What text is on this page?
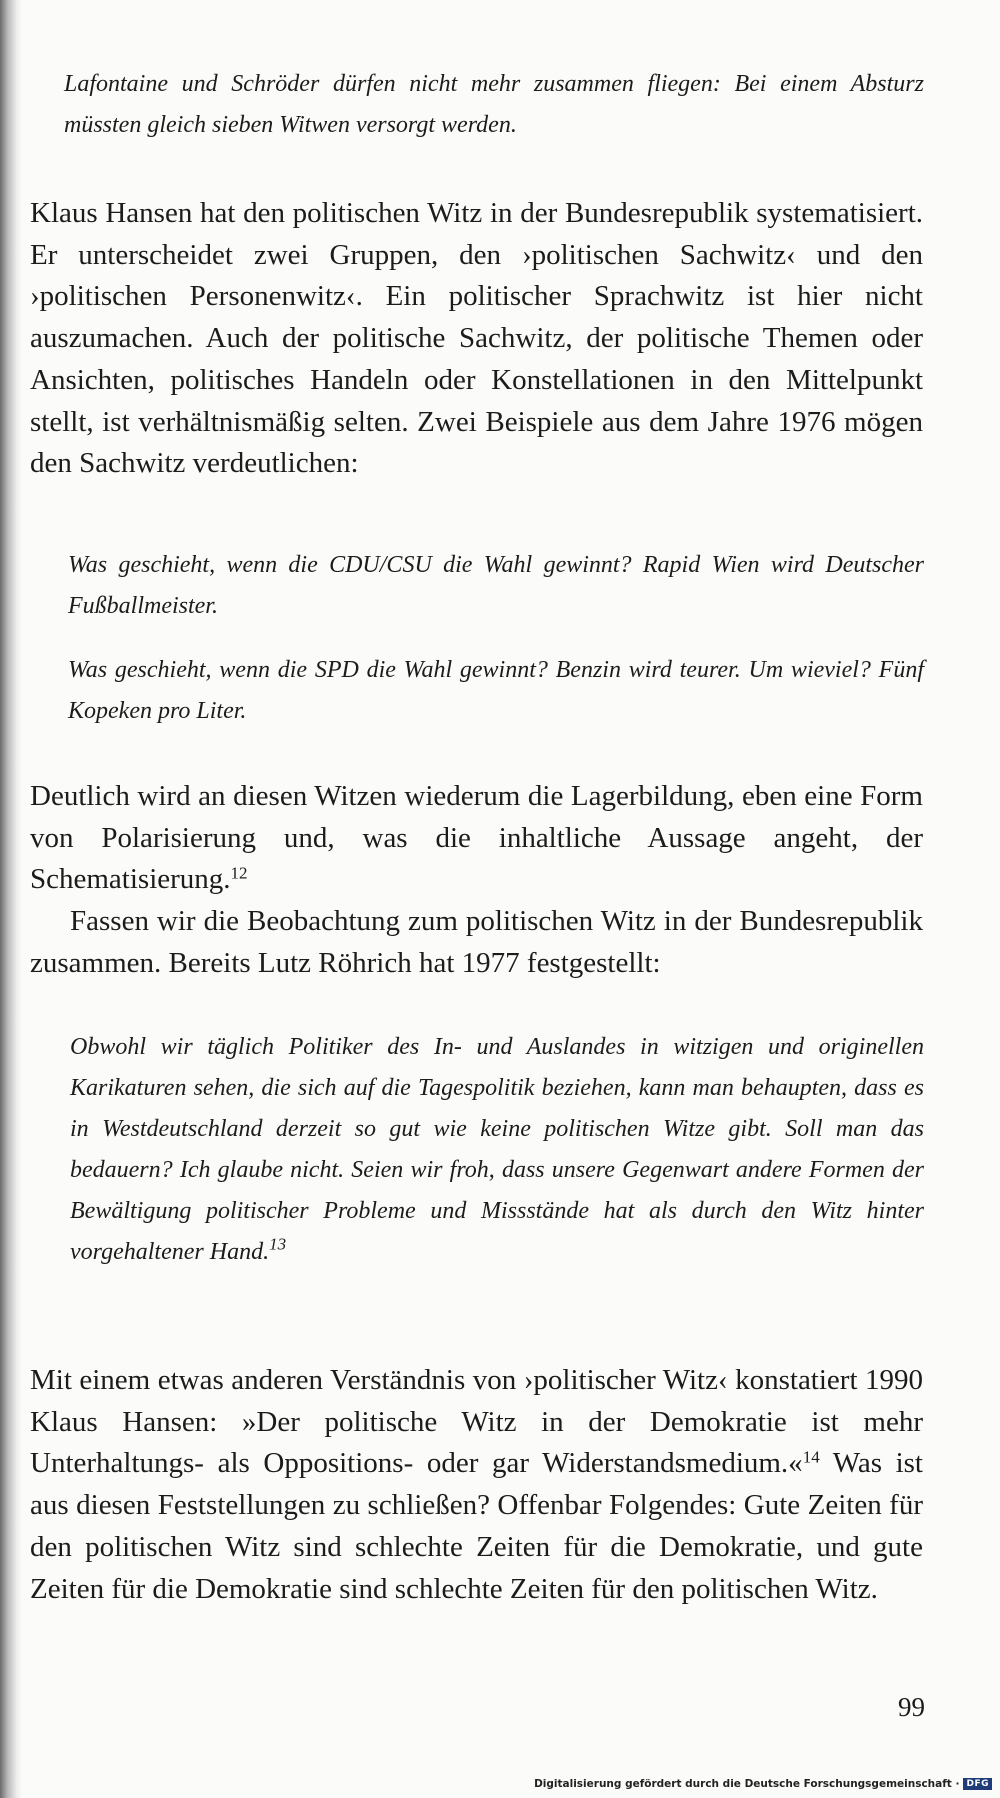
Lafontaine und Schröder dürfen nicht mehr zusammen fliegen: Bei einem Absturz müssten gleich sieben Witwen versorgt werden.

Klaus Hansen hat den politischen Witz in der Bundesrepublik systematisiert. Er unterscheidet zwei Gruppen, den ›politischen Sachwitz‹ und den ›politischen Personenwitz‹. Ein politischer Sprachwitz ist hier nicht auszumachen. Auch der politische Sachwitz, der politische Themen oder Ansichten, politisches Handeln oder Konstellationen in den Mittelpunkt stellt, ist verhältnismäßig selten. Zwei Beispiele aus dem Jahre 1976 mögen den Sachwitz verdeutlichen:

Was geschieht, wenn die CDU/CSU die Wahl gewinnt? Rapid Wien wird Deutscher Fußballmeister.

Was geschieht, wenn die SPD die Wahl gewinnt? Benzin wird teurer. Um wieviel? Fünf Kopeken pro Liter.

Deutlich wird an diesen Witzen wiederum die Lagerbildung, eben eine Form von Polarisierung und, was die inhaltliche Aussage angeht, der Schematisierung.$^{12}$

Fassen wir die Beobachtung zum politischen Witz in der Bundesrepublik zusammen. Bereits Lutz Röhrich hat 1977 festgestellt:

Obwohl wir täglich Politiker des In- und Auslandes in witzigen und originellen Karikaturen sehen, die sich auf die Tagespolitik beziehen, kann man behaupten, dass es in Westdeutschland derzeit so gut wie keine politischen Witze gibt. Soll man das bedauern? Ich glaube nicht. Seien wir froh, dass unsere Gegenwart andere Formen der Bewältigung politischer Probleme und Missstände hat als durch den Witz hinter vorgehaltener Hand.$^{13}$

Mit einem etwas anderen Verständnis von ›politischer Witz‹ konstatiert 1990 Klaus Hansen: »Der politische Witz in der Demokratie ist mehr Unterhaltungs- als Oppositions- oder gar Widerstandsmedium.«$^{14}$ Was ist aus diesen Feststellungen zu schließen? Offenbar Folgendes: Gute Zeiten für den politischen Witz sind schlechte Zeiten für die Demokratie, und gute Zeiten für die Demokratie sind schlechte Zeiten für den politischen Witz.

99

Digitalisierung gefördert durch die Deutsche Forschungsgemeinschaft · DFG
